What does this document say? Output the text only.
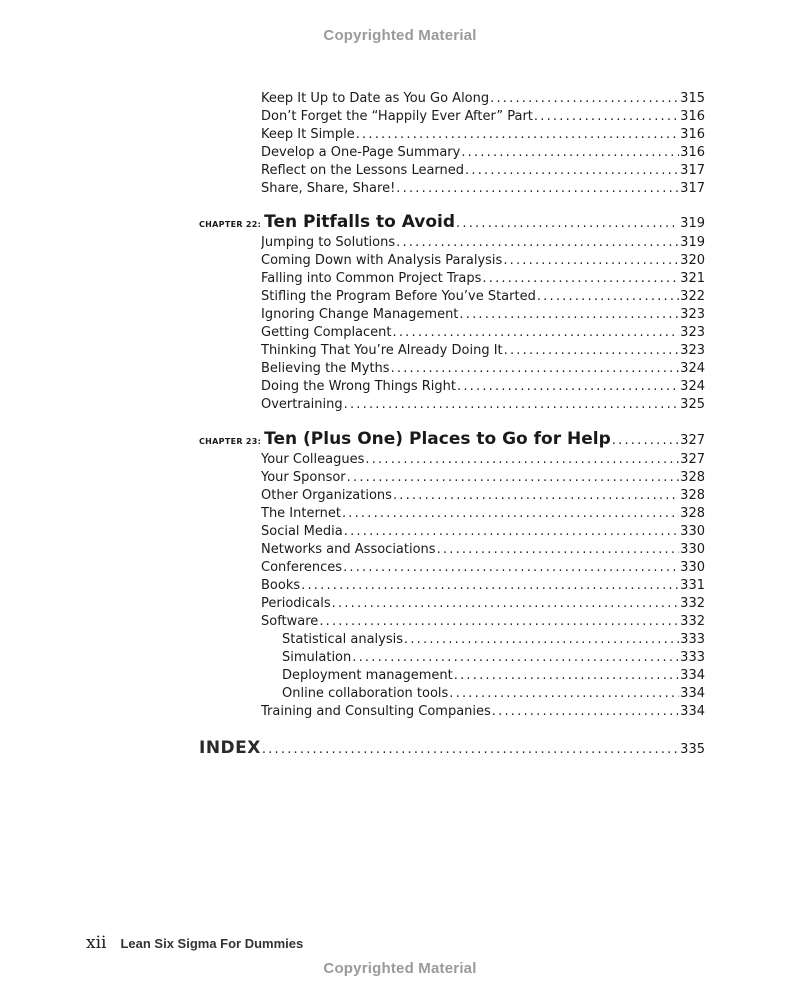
Copyrighted Material
Keep It Up to Date as You Go Along .....	315
Don’t Forget the “Happily Ever After” Part .....	316
Keep It Simple .....	316
Develop a One-Page Summary .....	316
Reflect on the Lessons Learned .....	317
Share, Share, Share! .....	317
CHAPTER 22: Ten Pitfalls to Avoid .....	319
Jumping to Solutions .....	319
Coming Down with Analysis Paralysis .....	320
Falling into Common Project Traps .....	321
Stifling the Program Before You’ve Started .....	322
Ignoring Change Management .....	323
Getting Complacent .....	323
Thinking That You’re Already Doing It .....	323
Believing the Myths .....	324
Doing the Wrong Things Right .....	324
Overtraining .....	325
CHAPTER 23: Ten (Plus One) Places to Go for Help .....	327
Your Colleagues .....	327
Your Sponsor .....	328
Other Organizations .....	328
The Internet .....	328
Social Media .....	330
Networks and Associations .....	330
Conferences .....	330
Books .....	331
Periodicals .....	332
Software .....	332
Statistical analysis .....	333
Simulation .....	333
Deployment management .....	334
Online collaboration tools .....	334
Training and Consulting Companies .....	334
INDEX .....	335
xii Lean Six Sigma For Dummies
Copyrighted Material
